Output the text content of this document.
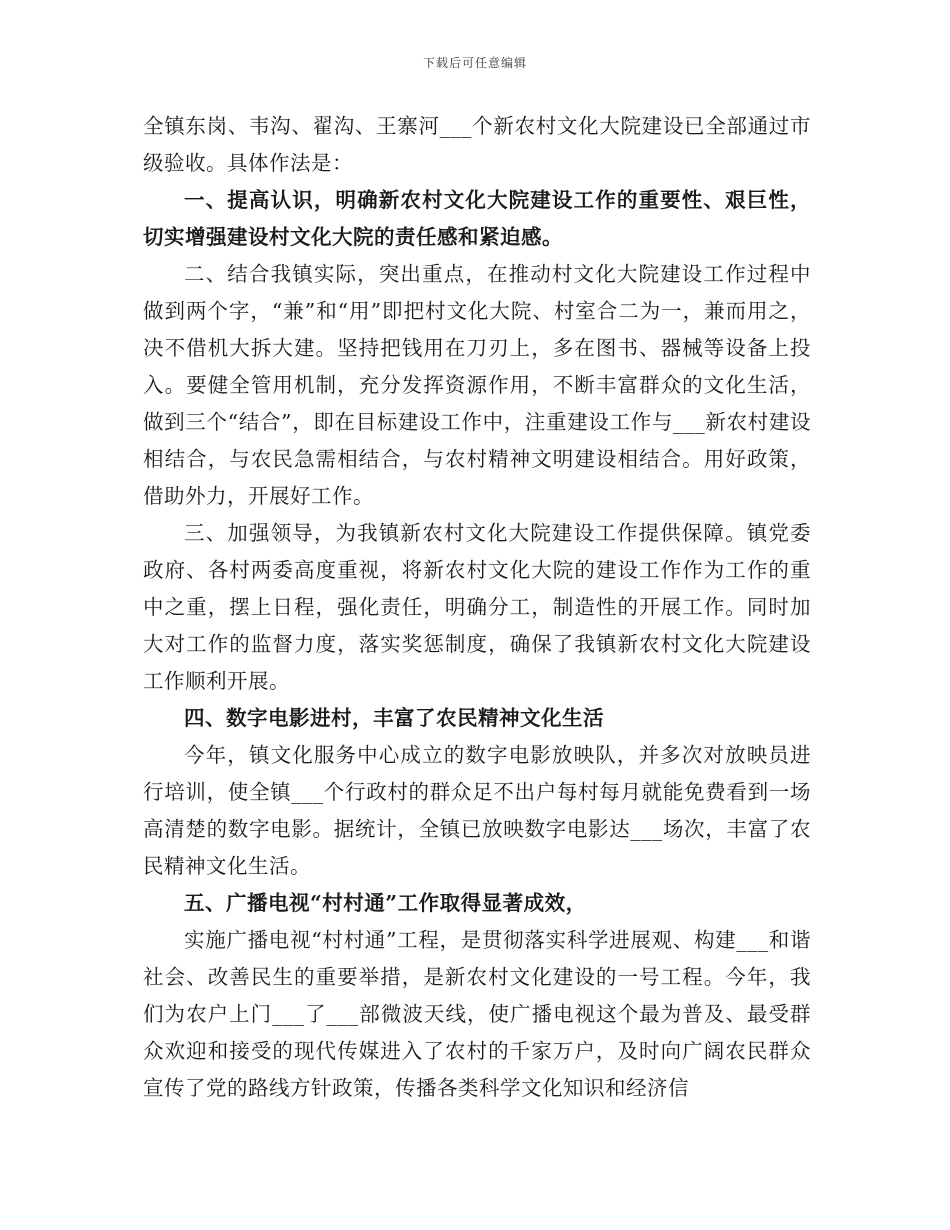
下载后可任意编辑

全镇东岗、韦沟、翟沟、王寨河___个新农村文化大院建设已全部通过市级验收。具体作法是：

一、提高认识，明确新农村文化大院建设工作的重要性、艰巨性，切实增强建设村文化大院的责任感和紧迫感。

二、结合我镇实际，突出重点，在推动村文化大院建设工作过程中做到两个字，“兼”和“用”即把村文化大院、村室合二为一，兼而用之，决不借机大拆大建。坚持把钱用在刀刃上，多在图书、器械等设备上投入。要健全管用机制，充分发挥资源作用，不断丰富群众的文化生活，做到三个“结合”，即在目标建设工作中，注重建设工作与___新农村建设相结合，与农民急需相结合，与农村精神文明建设相结合。用好政策，借助外力，开展好工作。

三、加强领导，为我镇新农村文化大院建设工作提供保障。镇党委政府、各村两委高度重视，将新农村文化大院的建设工作作为工作的重中之重，摆上日程，强化责任，明确分工，制造性的开展工作。同时加大对工作的监督力度，落实奖惩制度，确保了我镇新农村文化大院建设工作顺利开展。

四、数字电影进村，丰富了农民精神文化生活

今年，镇文化服务中心成立的数字电影放映队，并多次对放映员进行培训，使全镇___个行政村的群众足不出户每村每月就能免费看到一场高清楚的数字电影。据统计，全镇已放映数字电影达___场次，丰富了农民精神文化生活。

五、广播电视“村村通”工作取得显著成效，

实施广播电视“村村通”工程，是贯彻落实科学进展观、构建___和谐社会、改善民生的重要举措，是新农村文化建设的一号工程。今年，我们为农户上门___了___部微波天线，使广播电视这个最为普及、最受群众欢迎和接受的现代传媒进入了农村的千家万户，及时向广阔农民群众宣传了党的路线方针政策，传播各类科学文化知识和经济信
